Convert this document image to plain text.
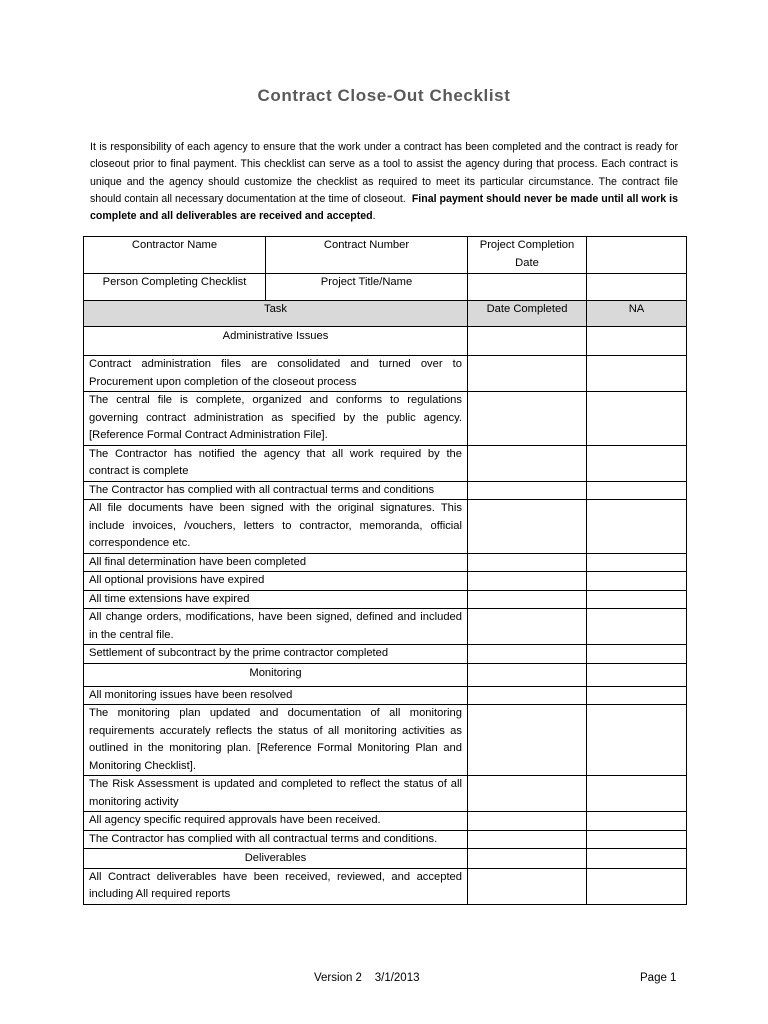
Contract Close-Out Checklist
It is responsibility of each agency to ensure that the work under a contract has been completed and the contract is ready for closeout prior to final payment. This checklist can serve as a tool to assist the agency during that process. Each contract is unique and the agency should customize the checklist as required to meet its particular circumstance. The contract file should contain all necessary documentation at the time of closeout. Final payment should never be made until all work is complete and all deliverables are received and accepted.
Contractor Name	Contract Number	Project Completion Date	
Person Completing Checklist	Project Title/Name		
Task		Date Completed	NA
Administrative Issues			
Contract administration files are consolidated and turned over to Procurement upon completion of the closeout process			
The central file is complete, organized and conforms to regulations governing contract administration as specified by the public agency. [Reference Formal Contract Administration File].			
The Contractor has notified the agency that all work required by the contract is complete			
The Contractor has complied with all contractual terms and conditions			
All file documents have been signed with the original signatures. This include invoices, /vouchers, letters to contractor, memoranda, official correspondence etc.			
All final determination have been completed			
All optional provisions have expired			
All time extensions have expired			
All change orders, modifications, have been signed, defined and included in the central file.			
Settlement of subcontract by the prime contractor completed			
Monitoring			
All monitoring issues have been resolved			
The monitoring plan updated and documentation of all monitoring requirements accurately reflects the status of all monitoring activities as outlined in the monitoring plan. [Reference Formal Monitoring Plan and Monitoring Checklist].			
The Risk Assessment is updated and completed to reflect the status of all monitoring activity			
All agency specific required approvals have been received.			
The Contractor has complied with all contractual terms and conditions.			
Deliverables			
All Contract deliverables have been received, reviewed, and accepted including All required reports			
Version 2    3/1/2013	Page 1
